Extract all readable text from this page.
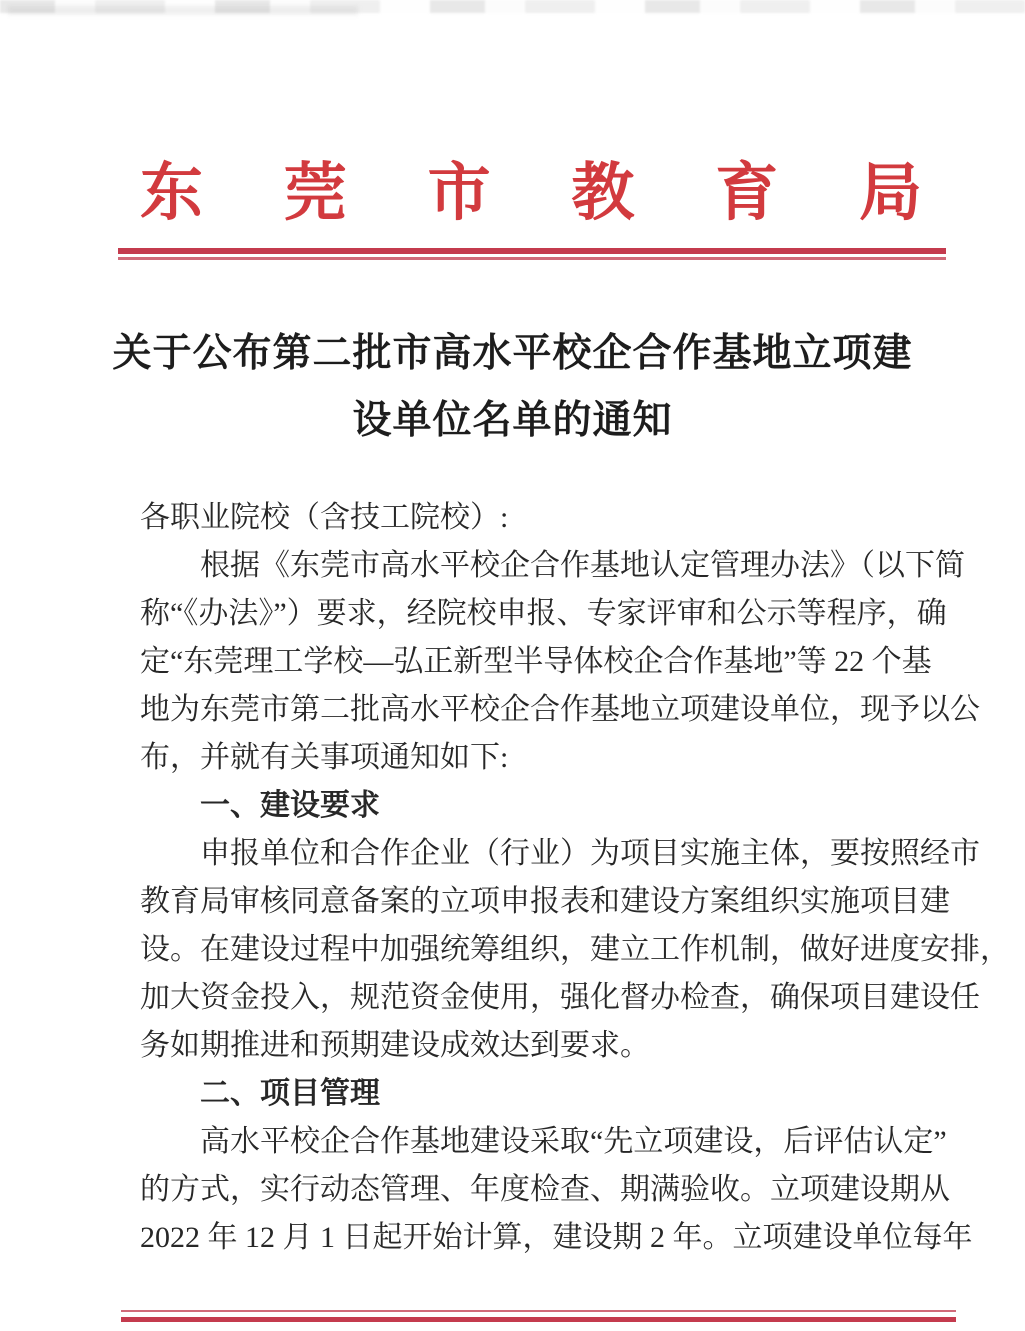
东 莞 市 教 育 局
关于公布第二批市高水平校企合作基地立项建
设单位名单的通知
各职业院校（含技工院校）:
根据《东莞市高水平校企合作基地认定管理办法》（以下简
称“《办法》”）要求，经院校申报、专家评审和公示等程序，确
定“东莞理工学校—弘正新型半导体校企合作基地”等 22 个基
地为东莞市第二批高水平校企合作基地立项建设单位，现予以公
布，并就有关事项通知如下:
一、建设要求
申报单位和合作企业（行业）为项目实施主体，要按照经市
教育局审核同意备案的立项申报表和建设方案组织实施项目建
设。在建设过程中加强统筹组织，建立工作机制，做好进度安排，
加大资金投入，规范资金使用，强化督办检查，确保项目建设任
务如期推进和预期建设成效达到要求。
二、项目管理
高水平校企合作基地建设采取“先立项建设，后评估认定”
的方式，实行动态管理、年度检查、期满验收。立项建设期从
2022 年 12 月 1 日起开始计算，建设期 2 年。立项建设单位每年
